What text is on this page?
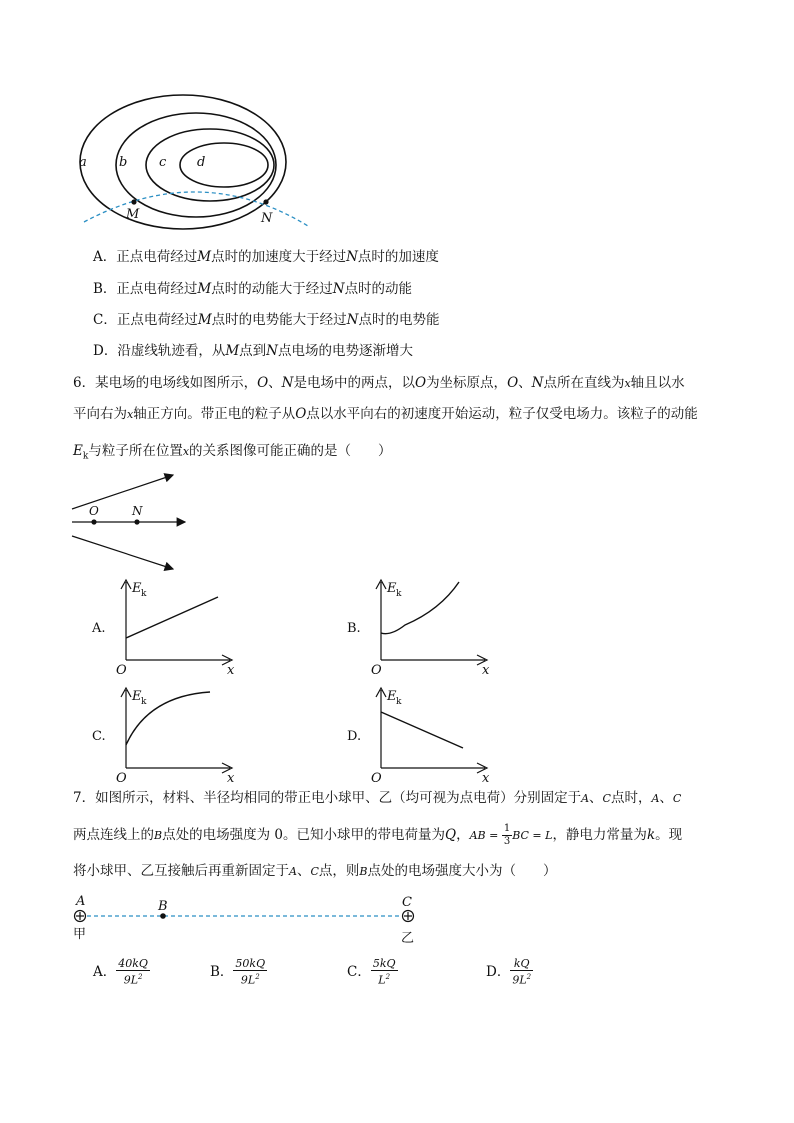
a b c d
M	N
A．正点电荷经过M点时的加速度大于经过N点时的加速度
B．正点电荷经过M点时的动能大于经过N点时的动能
C．正点电荷经过M点时的电势能大于经过N点时的电势能
D．沿虚线轨迹看，从M点到N点电场的电势逐渐增大
6．某电场的电场线如图所示，O、N是电场中的两点，以O为坐标原点，O、N点所在直线为x轴且以水
平向右为x轴正方向。带正电的粒子从O点以水平向右的初速度开始运动，粒子仅受电场力。该粒子的动能
$E_k$与粒子所在位置x的关系图像可能正确的是（　　）
O	N
A.
E k
O	x
B.
E k
O	x
C.
E k
O	x
D.
E k
O	x
7．如图所示，材料、半径均相同的带正电小球甲、乙（均可视为点电荷）分别固定于A、C点时，A、C
两点连线上的B点处的电场强度为 0。已知小球甲的带电荷量为Q，AB = $\frac{1}{3}$ BC = L，静电力常量为k。现
将小球甲、乙互接触后再重新固定于A、C点，则B点处的电场强度大小为（　　）
A	B	C
甲	乙
A． $\frac{40kQ}{9L^2}$	B． $\frac{50kQ}{9L^2}$	C． $\frac{5kQ}{L^2}$	D． $\frac{kQ}{9L^2}$
